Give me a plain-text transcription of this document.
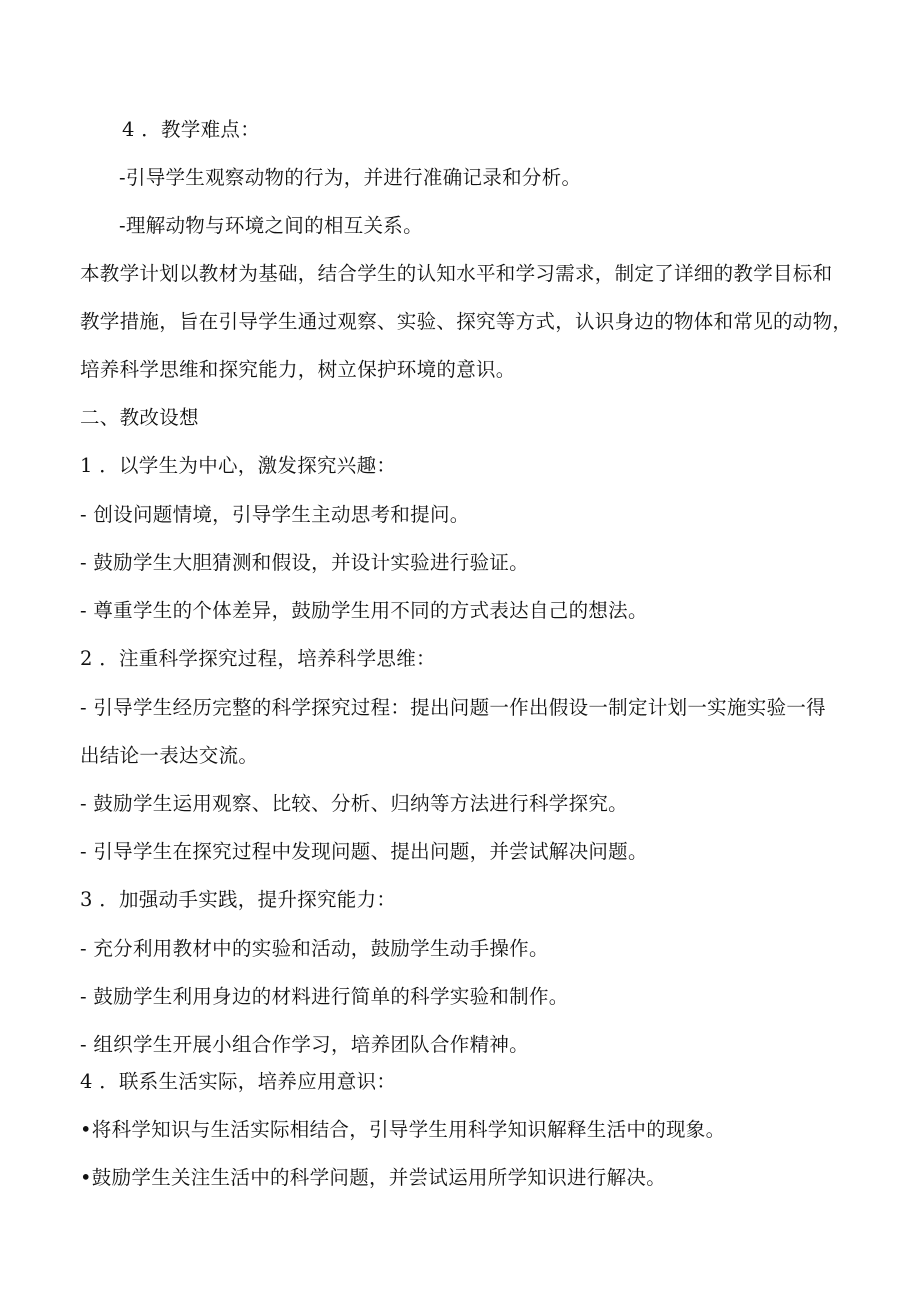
4 ．教学难点：
-引导学生观察动物的行为，并进行准确记录和分析。
-理解动物与环境之间的相互关系。
本教学计划以教材为基础，结合学生的认知水平和学习需求，制定了详细的教学目标和
教学措施，旨在引导学生通过观察、实验、探究等方式，认识身边的物体和常见的动物，
培养科学思维和探究能力，树立保护环境的意识。
二、教改设想
1 ．以学生为中心，激发探究兴趣：
- 创设问题情境，引导学生主动思考和提问。
- 鼓励学生大胆猜测和假设，并设计实验进行验证。
- 尊重学生的个体差异，鼓励学生用不同的方式表达自己的想法。
2 ．注重科学探究过程，培养科学思维：
- 引导学生经历完整的科学探究过程：提出问题一作出假设一制定计划一实施实验一得
出结论一表达交流。
- 鼓励学生运用观察、比较、分析、归纳等方法进行科学探究。
- 引导学生在探究过程中发现问题、提出问题，并尝试解决问题。
3 ．加强动手实践，提升探究能力：
- 充分利用教材中的实验和活动，鼓励学生动手操作。
- 鼓励学生利用身边的材料进行简单的科学实验和制作。
- 组织学生开展小组合作学习，培养团队合作精神。
4 ．联系生活实际，培养应用意识：
•将科学知识与生活实际相结合，引导学生用科学知识解释生活中的现象。
•鼓励学生关注生活中的科学问题，并尝试运用所学知识进行解决。
